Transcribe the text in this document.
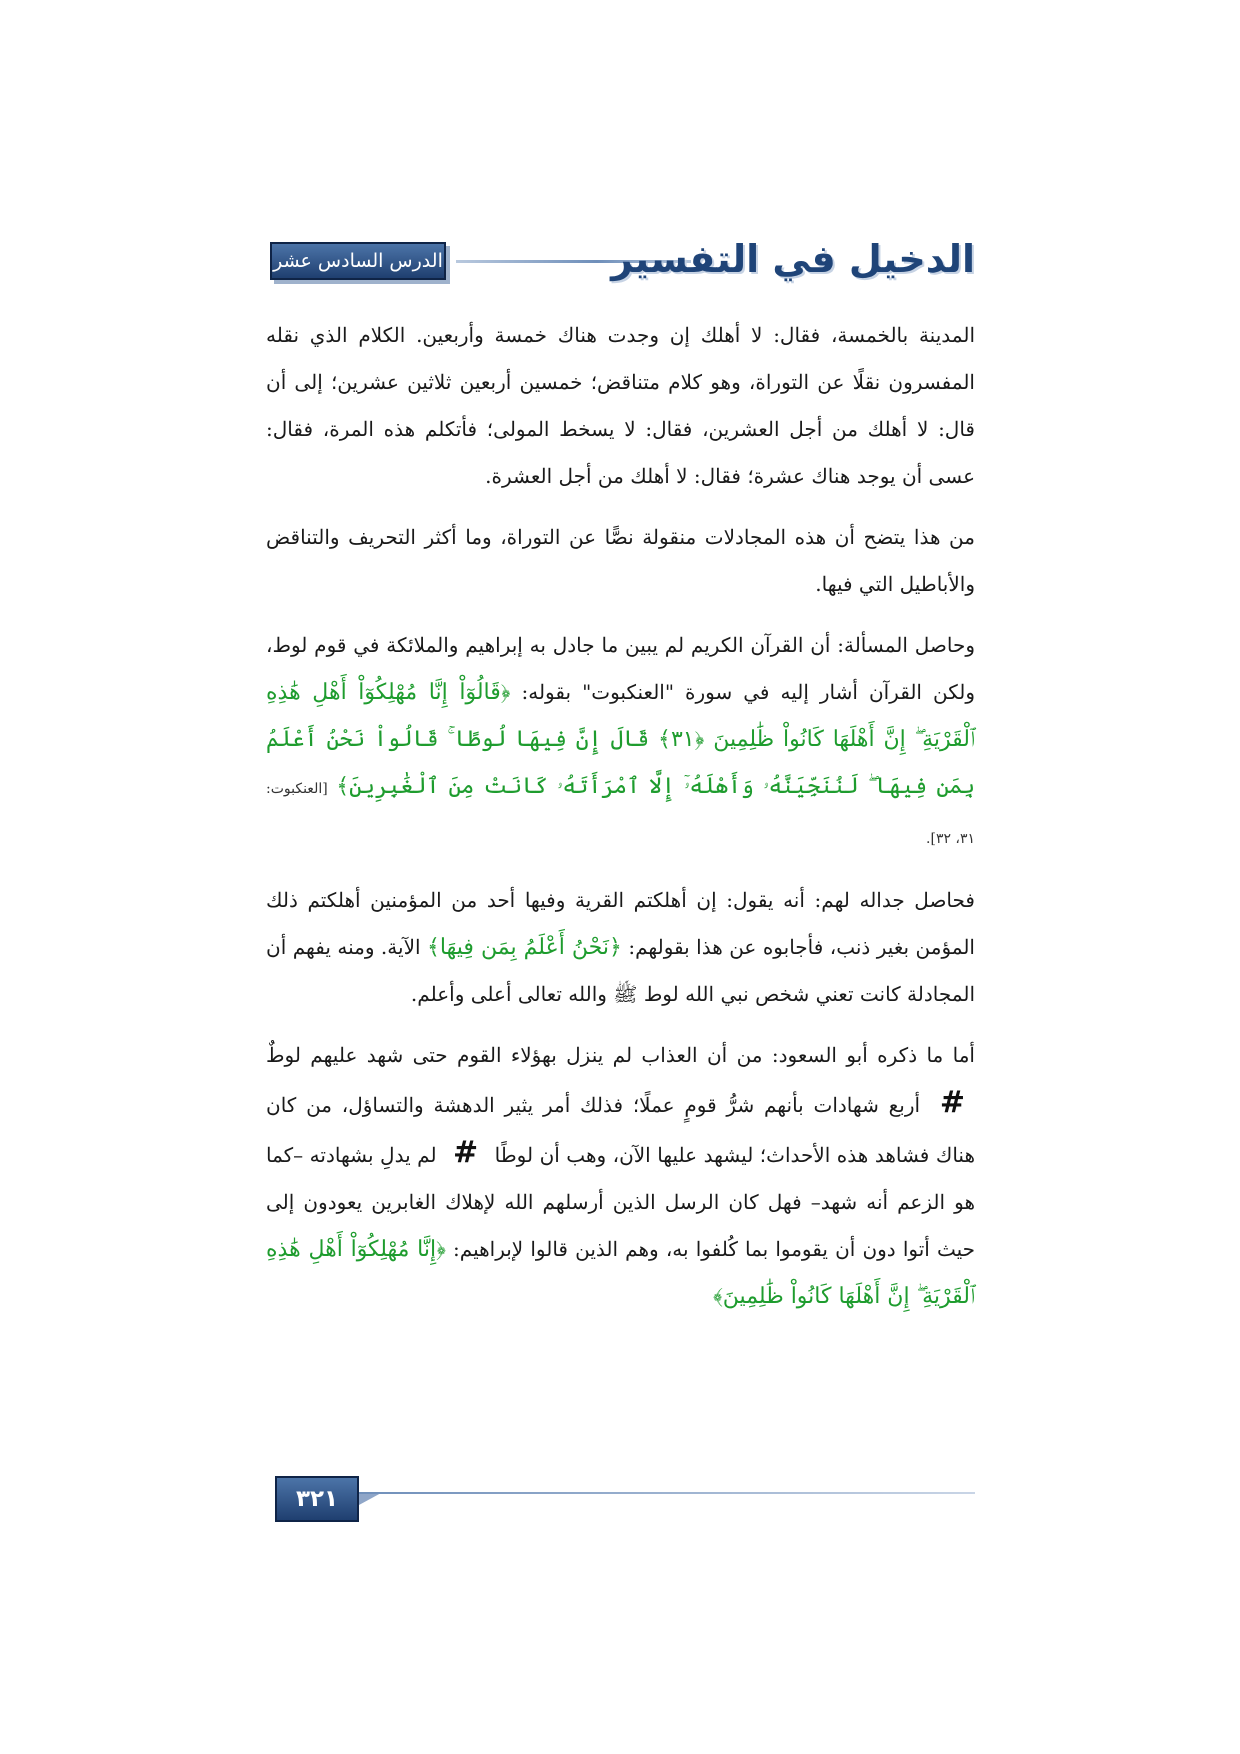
الدرس السادس عشر	الدخيل في التفسير

المدينة بالخمسة، فقال: لا أهلك إن وجدت هناك خمسة وأربعين. الكلام الذي نقله المفسرون نقلًا عن التوراة، وهو كلام متناقض؛ خمسين أربعين ثلاثين عشرين؛ إلى أن قال: لا أهلك من أجل العشرين، فقال: لا يسخط المولى؛ فأتكلم هذه المرة، فقال: عسى أن يوجد هناك عشرة؛ فقال: لا أهلك من أجل العشرة.

من هذا يتضح أن هذه المجادلات منقولة نصًّا عن التوراة، وما أكثر التحريف والتناقض والأباطيل التي فيها.

وحاصل المسألة: أن القرآن الكريم لم يبين ما جادل به إبراهيم والملائكة في قوم لوط، ولكن القرآن أشار إليه في سورة "العنكبوت" بقوله: ﴿قَالُوٓاْ إِنَّا مُهْلِكُوٓاْ أَهْلِ هَٰذِهِ ٱلْقَرْيَةِ ۖ إِنَّ أَهْلَهَا كَانُواْ ظَٰلِمِينَ ﴿٣١﴾ قَالَ إِنَّ فِيهَا لُوطًا ۚ قَالُواْ نَحْنُ أَعْلَمُ بِمَن فِيهَا ۖ لَنُنَجِّيَنَّهُۥ وَأَهْلَهُۥٓ إِلَّا ٱمْرَأَتَهُۥ كَانَتْ مِنَ ٱلْغَٰبِرِينَ﴾ [العنكبوت: ٣١، ٣٢].

فحاصل جداله لهم: أنه يقول: إن أهلكتم القرية وفيها أحد من المؤمنين أهلكتم ذلك المؤمن بغير ذنب، فأجابوه عن هذا بقولهم: ﴿نَحْنُ أَعْلَمُ بِمَن فِيهَا﴾ الآية. ومنه يفهم أن المجادلة كانت تعني شخص نبي الله لوط ﷺ والله تعالى أعلى وأعلم.

أما ما ذكره أبو السعود: من أن العذاب لم ينزل بهؤلاء القوم حتى شهد عليهم لوطٌ # أربع شهادات بأنهم شرُّ قومٍ عملًا؛ فذلك أمر يثير الدهشة والتساؤل، من كان هناك فشاهد هذه الأحداث؛ ليشهد عليها الآن، وهب أن لوطًا # لم يدلِ بشهادته –كما هو الزعم أنه شهد– فهل كان الرسل الذين أرسلهم الله لإهلاك الغابرين يعودون إلى حيث أتوا دون أن يقوموا بما كُلفوا به، وهم الذين قالوا لإبراهيم: ﴿إِنَّا مُهْلِكُوٓاْ أَهْلِ هَٰذِهِ ٱلْقَرْيَةِ ۖ إِنَّ أَهْلَهَا كَانُواْ ظَٰلِمِينَ﴾

٣٢١
